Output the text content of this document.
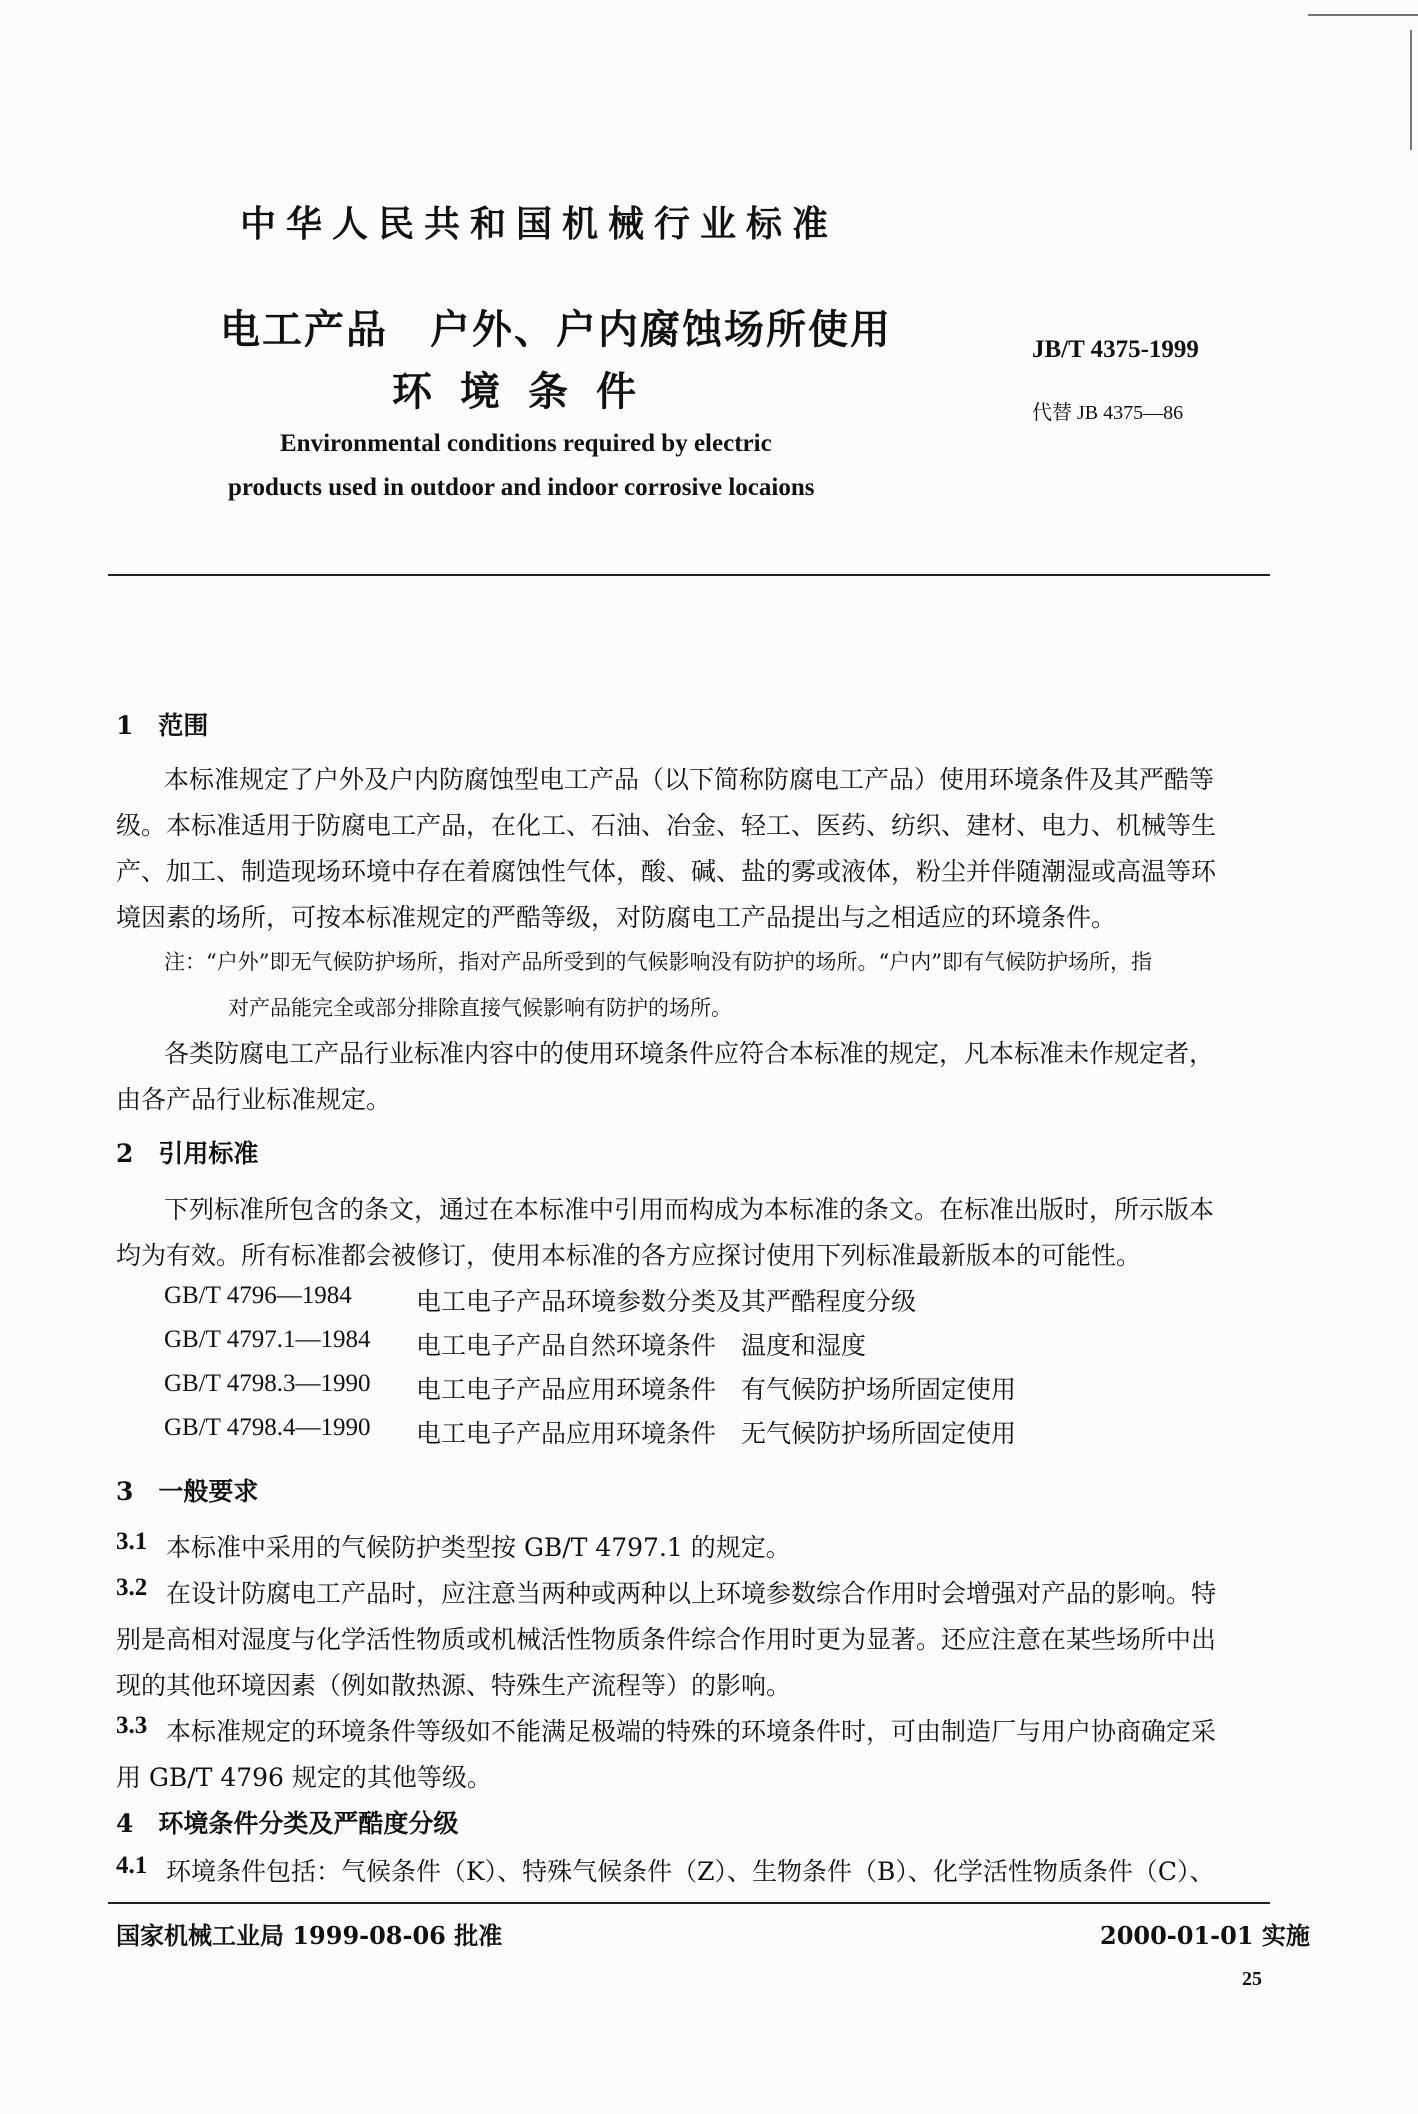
中华人民共和国机械行业标准
电工产品　户外、户内腐蚀场所使用
环境条件
JB/T 4375-1999
代替 JB 4375—86
Environmental conditions required by electric
products used in outdoor and indoor corrosive locaions
1　范围
本标准规定了户外及户内防腐蚀型电工产品（以下简称防腐电工产品）使用环境条件及其严酷等
级。本标准适用于防腐电工产品，在化工、石油、冶金、轻工、医药、纺织、建材、电力、机械等生
产、加工、制造现场环境中存在着腐蚀性气体，酸、碱、盐的雾或液体，粉尘并伴随潮湿或高温等环
境因素的场所，可按本标准规定的严酷等级，对防腐电工产品提出与之相适应的环境条件。
注：“户外”即无气候防护场所，指对产品所受到的气候影响没有防护的场所。“户内”即有气候防护场所，指
对产品能完全或部分排除直接气候影响有防护的场所。
各类防腐电工产品行业标准内容中的使用环境条件应符合本标准的规定，凡本标准未作规定者，
由各产品行业标准规定。
2　引用标准
下列标准所包含的条文，通过在本标准中引用而构成为本标准的条文。在标准出版时，所示版本
均为有效。所有标准都会被修订，使用本标准的各方应探讨使用下列标准最新版本的可能性。
GB/T 4796—1984	电工电子产品环境参数分类及其严酷程度分级
GB/T 4797.1—1984 电工电子产品自然环境条件　温度和湿度
GB/T 4798.3—1990 电工电子产品应用环境条件　有气候防护场所固定使用
GB/T 4798.4—1990 电工电子产品应用环境条件　无气候防护场所固定使用
3　一般要求
3.1 本标准中采用的气候防护类型按 GB/T 4797.1 的规定。
3.2 在设计防腐电工产品时，应注意当两种或两种以上环境参数综合作用时会增强对产品的影响。特
别是高相对湿度与化学活性物质或机械活性物质条件综合作用时更为显著。还应注意在某些场所中出
现的其他环境因素（例如散热源、特殊生产流程等）的影响。
3.3 本标准规定的环境条件等级如不能满足极端的特殊的环境条件时，可由制造厂与用户协商确定采
用 GB/T 4796 规定的其他等级。
4　环境条件分类及严酷度分级
4.1 环境条件包括：气候条件（K）、特殊气候条件（Z）、生物条件（B）、化学活性物质条件（C）、
国家机械工业局 1999-08-06 批准	2000-01-01 实施
25
